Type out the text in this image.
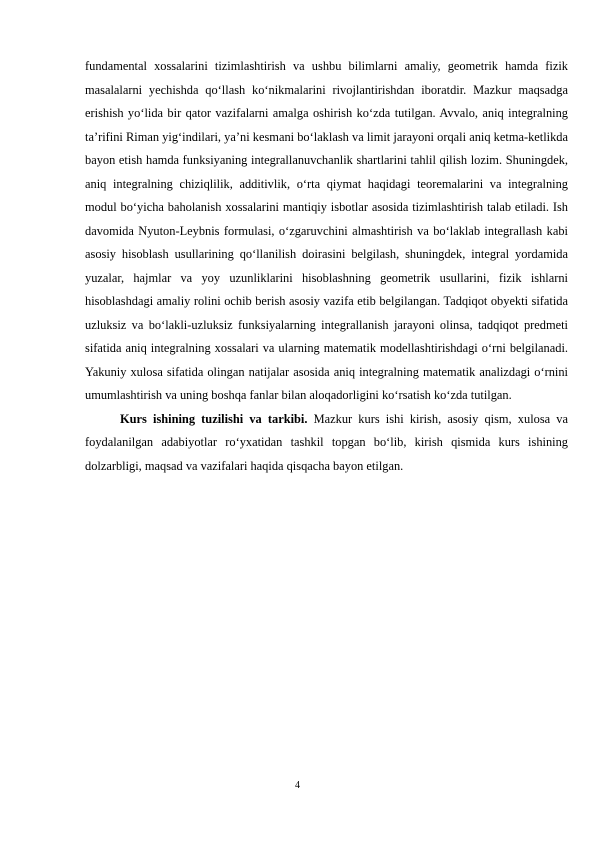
fundamental xossalarini tizimlashtirish va ushbu bilimlarni amaliy, geometrik hamda fizik masalalarni yechishda qo‘llash ko‘nikmalarini rivojlantirishdan iboratdir. Mazkur maqsadga erishish yo‘lida bir qator vazifalarni amalga oshirish ko‘zda tutilgan. Avvalo, aniq integralning ta’rifini Riman yig‘indilari, ya’ni kesmani bo‘laklash va limit jarayoni orqali aniq ketma-ketlikda bayon etish hamda funksiyaning integrallanuvchanlik shartlarini tahlil qilish lozim. Shuningdek, aniq integralning chiziqlilik, additivlik, o‘rta qiymat haqidagi teoremalarini va integralning modul bo‘yicha baholanish xossalarini mantiqiy isbotlar asosida tizimlashtirish talab etiladi. Ish davomida Nyuton-Leybnis formulasi, o‘zgaruvchini almashtirish va bo‘laklab integrallash kabi asosiy hisoblash usullarining qo‘llanilish doirasini belgilash, shuningdek, integral yordamida yuzalar, hajmlar va yoy uzunliklarini hisoblashning geometrik usullarini, fizik ishlarni hisoblashdagi amaliy rolini ochib berish asosiy vazifa etib belgilangan. Tadqiqot obyekti sifatida uzluksiz va bo‘lakli-uzluksiz funksiyalarning integrallanish jarayoni olinsa, tadqiqot predmeti sifatida aniq integralning xossalari va ularning matematik modellashtirishdagi o‘rni belgilanadi. Yakuniy xulosa sifatida olingan natijalar asosida aniq integralning matematik analizdagi o‘rnini umumlashtirish va uning boshqa fanlar bilan aloqadorligini ko‘rsatish ko‘zda tutilgan.

Kurs ishining tuzilishi va tarkibi. Mazkur kurs ishi kirish, asosiy qism, xulosa va foydalanilgan adabiyotlar ro‘yxatidan tashkil topgan bo‘lib, kirish qismida kurs ishining dolzarbligi, maqsad va vazifalari haqida qisqacha bayon etilgan.

4
